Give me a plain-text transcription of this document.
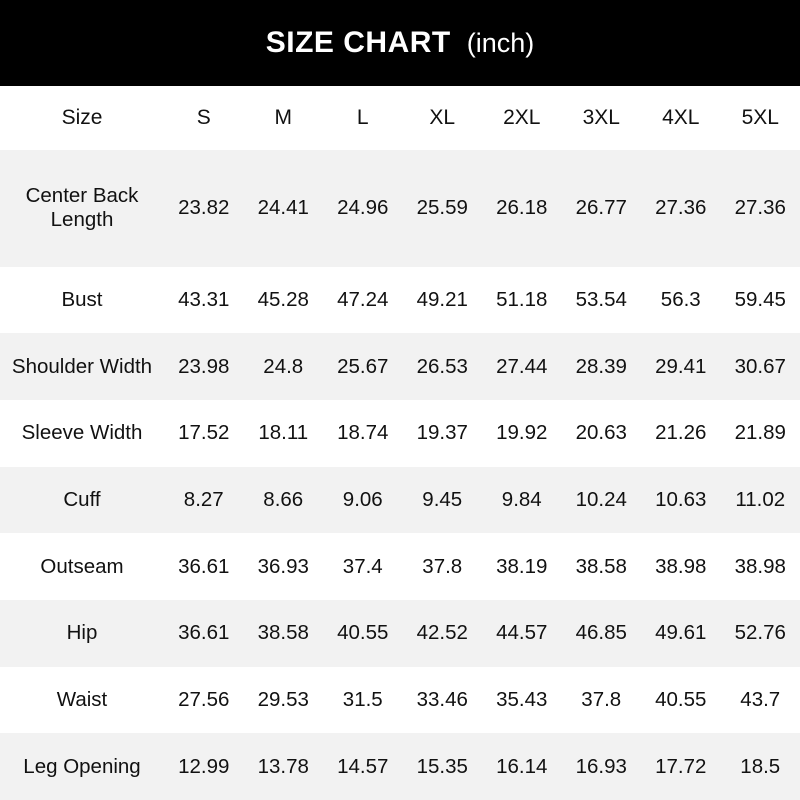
SIZE CHART (inch)
Size	S	M	L	XL	2XL	3XL	4XL	5XL
Center Back Length	23.82	24.41	24.96	25.59	26.18	26.77	27.36	27.36
Bust	43.31	45.28	47.24	49.21	51.18	53.54	56.3	59.45
Shoulder Width	23.98	24.8	25.67	26.53	27.44	28.39	29.41	30.67
Sleeve Width	17.52	18.11	18.74	19.37	19.92	20.63	21.26	21.89
Cuff	8.27	8.66	9.06	9.45	9.84	10.24	10.63	11.02
Outseam	36.61	36.93	37.4	37.8	38.19	38.58	38.98	38.98
Hip	36.61	38.58	40.55	42.52	44.57	46.85	49.61	52.76
Waist	27.56	29.53	31.5	33.46	35.43	37.8	40.55	43.7
Leg Opening	12.99	13.78	14.57	15.35	16.14	16.93	17.72	18.5
